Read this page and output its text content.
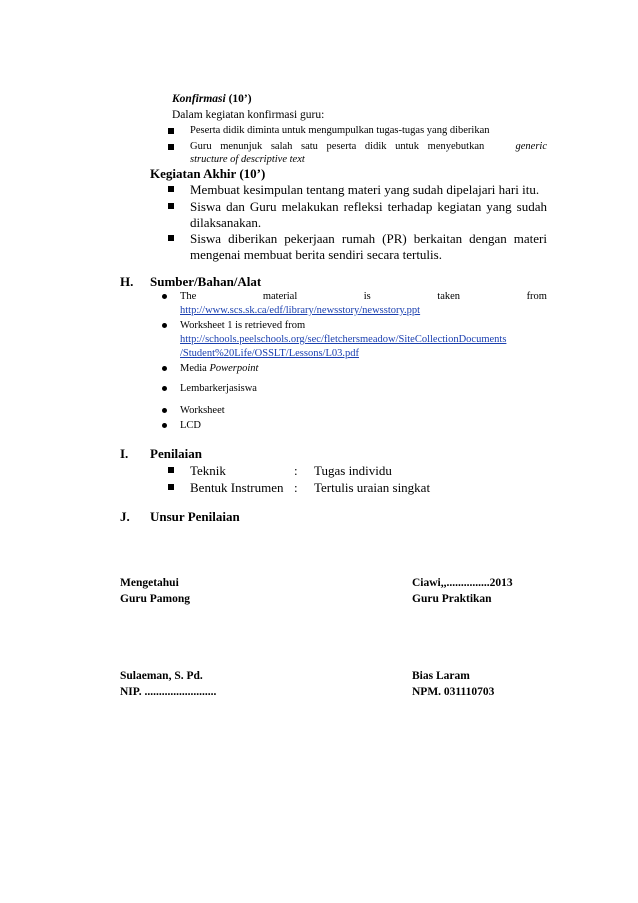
Konfirmasi (10’)
Dalam kegiatan konfirmasi guru:
Peserta didik diminta untuk mengumpulkan tugas-tugas yang diberikan
Guru menunjuk salah satu peserta didik untuk menyebutkan	generic
structure of descriptive text
Kegiatan Akhir (10’)
Membuat kesimpulan tentang materi yang sudah dipelajari hari itu.
Siswa dan Guru melakukan refleksi terhadap kegiatan yang sudah
dilaksanakan.
Siswa diberikan pekerjaan rumah (PR) berkaitan dengan materi
mengenai membuat berita sendiri secara tertulis.
H. Sumber/Bahan/Alat
The	material	is	taken	from
http://www.scs.sk.ca/edf/library/newsstory/newsstory.ppt
Worksheet 1 is retrieved from
http://schools.peelschools.org/sec/fletchersmeadow/SiteCollectionDocuments
/Student%20Life/OSSLT/Lessons/L03.pdf
Media Powerpoint
Lembarkerjasiswa
Worksheet
LCD
I. Penilaian
Teknik	: Tugas individu
Bentuk Instrumen : Tertulis uraian singkat
J. Unsur Penilaian
Mengetahui
Guru Pamong
Ciawi,,...............2013
Guru Praktikan
Sulaeman, S. Pd.
NIP. .........................
Bias Laram
NPM. 031110703
